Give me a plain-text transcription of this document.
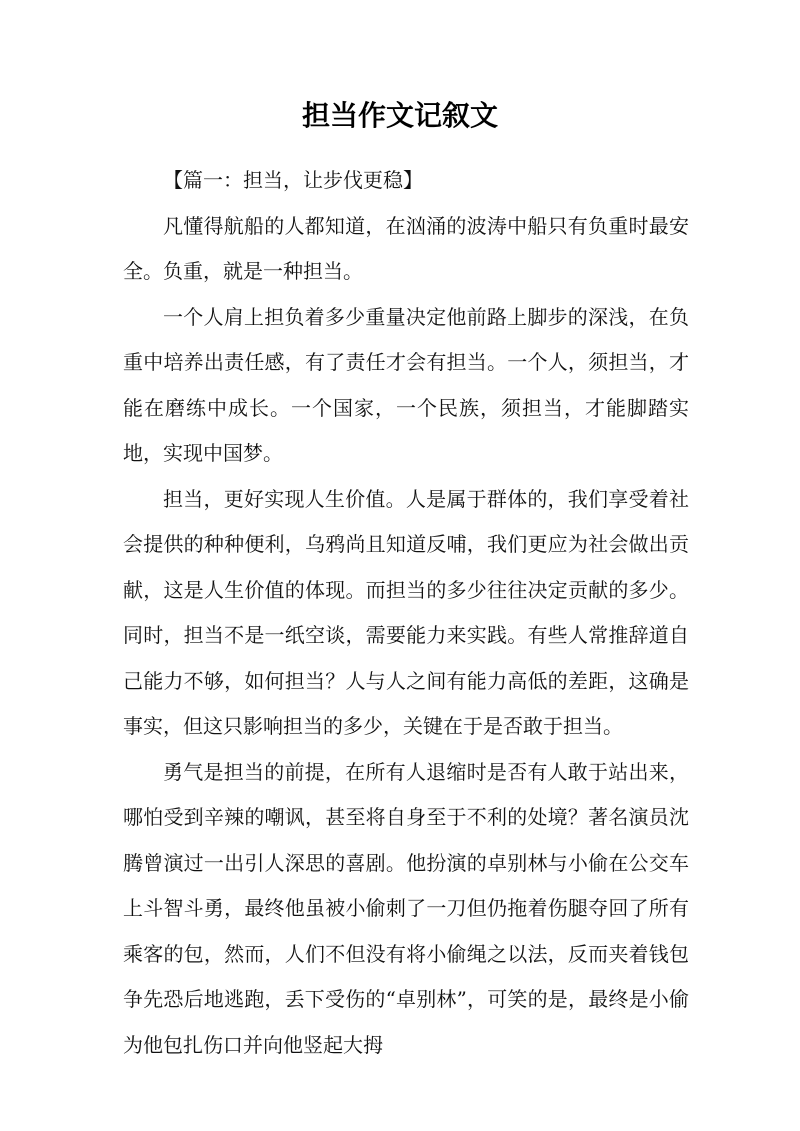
担当作文记叙文

【篇一：担当，让步伐更稳】

凡懂得航船的人都知道，在汹涌的波涛中船只有负重时最安全。负重，就是一种担当。

一个人肩上担负着多少重量决定他前路上脚步的深浅，在负重中培养出责任感，有了责任才会有担当。一个人，须担当，才能在磨练中成长。一个国家，一个民族，须担当，才能脚踏实地，实现中国梦。

担当，更好实现人生价值。人是属于群体的，我们享受着社会提供的种种便利，乌鸦尚且知道反哺，我们更应为社会做出贡献，这是人生价值的体现。而担当的多少往往决定贡献的多少。同时，担当不是一纸空谈，需要能力来实践。有些人常推辞道自己能力不够，如何担当？人与人之间有能力高低的差距，这确是事实，但这只影响担当的多少，关键在于是否敢于担当。

勇气是担当的前提，在所有人退缩时是否有人敢于站出来，哪怕受到辛辣的嘲讽，甚至将自身至于不利的处境？著名演员沈腾曾演过一出引人深思的喜剧。他扮演的卓别林与小偷在公交车上斗智斗勇，最终他虽被小偷刺了一刀但仍拖着伤腿夺回了所有乘客的包，然而，人们不但没有将小偷绳之以法，反而夹着钱包争先恐后地逃跑，丢下受伤的“卓别林”，可笑的是，最终是小偷为他包扎伤口并向他竖起大拇
